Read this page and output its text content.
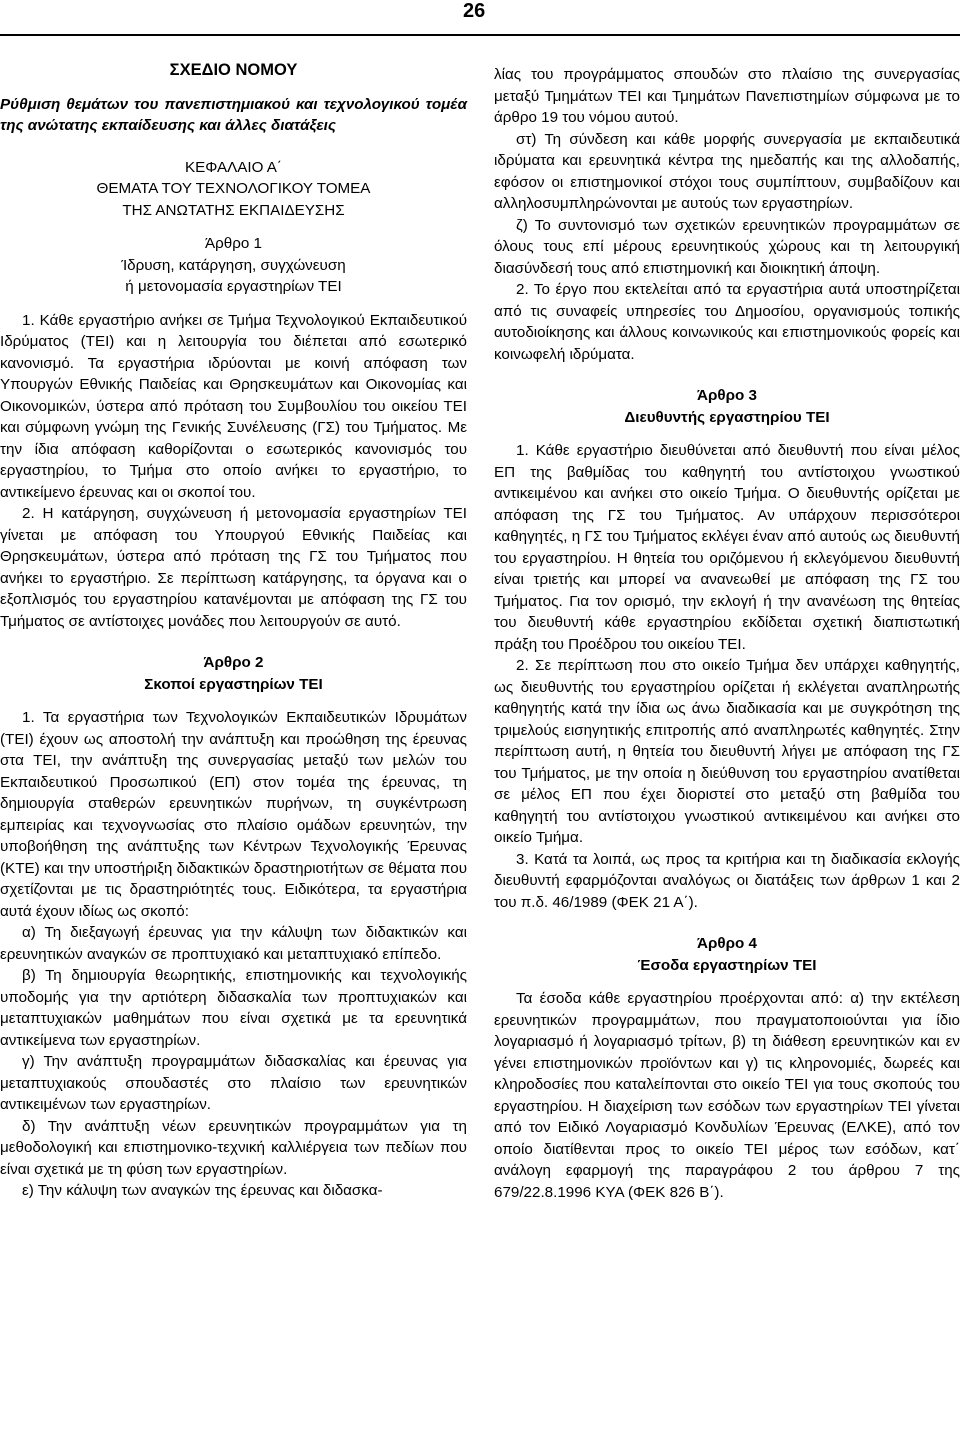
26

ΣΧΕΔΙΟ ΝΟΜΟΥ

Ρύθμιση θεμάτων του πανεπιστημιακού και τεχνολογικού τομέα της ανώτατης εκπαίδευσης και άλλες διατάξεις

ΚΕΦΑΛΑΙΟ Α΄

ΘΕΜΑΤΑ ΤΟΥ ΤΕΧΝΟΛΟΓΙΚΟΥ ΤΟΜΕΑ

ΤΗΣ ΑΝΩΤΑΤΗΣ ΕΚΠΑΙΔΕΥΣΗΣ

Άρθρο 1

Ίδρυση, κατάργηση, συγχώνευση

ή μετονομασία εργαστηρίων ΤΕΙ

1. Κάθε εργαστήριο ανήκει σε Τμήμα Τεχνολογικού Εκπαιδευτικού Ιδρύματος (ΤΕΙ) και η λειτουργία του διέπεται από εσωτερικό κανονισμό. Τα εργαστήρια ιδρύονται με κοινή απόφαση των Υπουργών Εθνικής Παιδείας και Θρησκευμάτων και Οικονομίας και Οικονομικών, ύστερα από πρόταση του Συμβουλίου του οικείου ΤΕΙ και σύμφωνη γνώμη της Γενικής Συνέλευσης (ΓΣ) του Τμήματος. Με την ίδια απόφαση καθορίζονται ο εσωτερικός κανονισμός του εργαστηρίου, το Τμήμα στο οποίο ανήκει το εργαστήριο, το αντικείμενο έρευνας και οι σκοποί του.

2. Η κατάργηση, συγχώνευση ή μετονομασία εργαστηρίων ΤΕΙ γίνεται με απόφαση του Υπουργού Εθνικής Παιδείας και Θρησκευμάτων, ύστερα από πρόταση της ΓΣ του Τμήματος που ανήκει το εργαστήριο. Σε περίπτωση κατάργησης, τα όργανα και ο εξοπλισμός του εργαστηρίου κατανέμονται με απόφαση της ΓΣ του Τμήματος σε αντίστοιχες μονάδες που λειτουργούν σε αυτό.

Άρθρο 2

Σκοποί εργαστηρίων ΤΕΙ

1. Τα εργαστήρια των Τεχνολογικών Εκπαιδευτικών Ιδρυμάτων (ΤΕΙ) έχουν ως αποστολή την ανάπτυξη και προώθηση της έρευνας στα ΤΕΙ, την ανάπτυξη της συνεργασίας μεταξύ των μελών του Εκπαιδευτικού Προσωπικού (ΕΠ) στον τομέα της έρευνας, τη δημιουργία σταθερών ερευνητικών πυρήνων, τη συγκέντρωση εμπειρίας και τεχνογνωσίας στο πλαίσιο ομάδων ερευνητών, την υποβοήθηση της ανάπτυξης των Κέντρων Τεχνολογικής Έρευνας (ΚΤΕ) και την υποστήριξη διδακτικών δραστηριοτήτων σε θέματα που σχετίζονται με τις δραστηριότητές τους. Ειδικότερα, τα εργαστήρια αυτά έχουν ιδίως ως σκοπό:

α) Τη διεξαγωγή έρευνας για την κάλυψη των διδακτικών και ερευνητικών αναγκών σε προπτυχιακό και μεταπτυχιακό επίπεδο.

β) Τη δημιουργία θεωρητικής, επιστημονικής και τεχνολογικής υποδομής για την αρτιότερη διδασκαλία των προπτυχιακών και μεταπτυχιακών μαθημάτων που είναι σχετικά με τα ερευνητικά αντικείμενα των εργαστηρίων.

γ) Την ανάπτυξη προγραμμάτων διδασκαλίας και έρευνας για μεταπτυχιακούς σπουδαστές στο πλαίσιο των ερευνητικών αντικειμένων των εργαστηρίων.

δ) Την ανάπτυξη νέων ερευνητικών προγραμμάτων για τη μεθοδολογική και επιστημονικο-τεχνική καλλιέργεια των πεδίων που είναι σχετικά με τη φύση των εργαστηρίων.

ε) Την κάλυψη των αναγκών της έρευνας και διδασκα-

λίας του προγράμματος σπουδών στο πλαίσιο της συνεργασίας μεταξύ Τμημάτων ΤΕΙ και Τμημάτων Πανεπιστημίων σύμφωνα με το άρθρο 19 του νόμου αυτού.

στ) Τη σύνδεση και κάθε μορφής συνεργασία με εκπαιδευτικά ιδρύματα και ερευνητικά κέντρα της ημεδαπής και της αλλοδαπής, εφόσον οι επιστημονικοί στόχοι τους συμπίπτουν, συμβαδίζουν και αλληλοσυμπληρώνονται με αυτούς των εργαστηρίων.

ζ) Το συντονισμό των σχετικών ερευνητικών προγραμμάτων σε όλους τους επί μέρους ερευνητικούς χώρους και τη λειτουργική διασύνδεσή τους από επιστημονική και διοικητική άποψη.

2. Το έργο που εκτελείται από τα εργαστήρια αυτά υποστηρίζεται από τις συναφείς υπηρεσίες του Δημοσίου, οργανισμούς τοπικής αυτοδιοίκησης και άλλους κοινωνικούς και επιστημονικούς φορείς και κοινωφελή ιδρύματα.

Άρθρο 3

Διευθυντής εργαστηρίου ΤΕΙ

1. Κάθε εργαστήριο διευθύνεται από διευθυντή που είναι μέλος ΕΠ της βαθμίδας του καθηγητή του αντίστοιχου γνωστικού αντικειμένου και ανήκει στο οικείο Τμήμα. Ο διευθυντής ορίζεται με απόφαση της ΓΣ του Τμήματος. Αν υπάρχουν περισσότεροι καθηγητές, η ΓΣ του Τμήματος εκλέγει έναν από αυτούς ως διευθυντή του εργαστηρίου. Η θητεία του οριζόμενου ή εκλεγόμενου διευθυντή είναι τριετής και μπορεί να ανανεωθεί με απόφαση της ΓΣ του Τμήματος. Για τον ορισμό, την εκλογή ή την ανανέωση της θητείας του διευθυντή κάθε εργαστηρίου εκδίδεται σχετική διαπιστωτική πράξη του Προέδρου του οικείου ΤΕΙ.

2. Σε περίπτωση που στο οικείο Τμήμα δεν υπάρχει καθηγητής, ως διευθυντής του εργαστηρίου ορίζεται ή εκλέγεται αναπληρωτής καθηγητής κατά την ίδια ως άνω διαδικασία και με συγκρότηση της τριμελούς εισηγητικής επιτροπής από αναπληρωτές καθηγητές. Στην περίπτωση αυτή, η θητεία του διευθυντή λήγει με απόφαση της ΓΣ του Τμήματος, με την οποία η διεύθυνση του εργαστηρίου ανατίθεται σε μέλος ΕΠ που έχει διοριστεί στο μεταξύ στη βαθμίδα του καθηγητή του αντίστοιχου γνωστικού αντικειμένου και ανήκει στο οικείο Τμήμα.

3. Κατά τα λοιπά, ως προς τα κριτήρια και τη διαδικασία εκλογής διευθυντή εφαρμόζονται αναλόγως οι διατάξεις των άρθρων 1 και 2 του π.δ. 46/1989 (ΦΕΚ 21 Α΄).

Άρθρο 4

Έσοδα εργαστηρίων ΤΕΙ

Τα έσοδα κάθε εργαστηρίου προέρχονται από: α) την εκτέλεση ερευνητικών προγραμμάτων, που πραγματοποιούνται για ίδιο λογαριασμό ή λογαριασμό τρίτων, β) τη διάθεση ερευνητικών και εν γένει επιστημονικών προϊόντων και γ) τις κληρονομιές, δωρεές και κληροδοσίες που καταλείπονται στο οικείο ΤΕΙ για τους σκοπούς του εργαστηρίου. Η διαχείριση των εσόδων των εργαστηρίων ΤΕΙ γίνεται από τον Ειδικό Λογαριασμό Κονδυλίων Έρευνας (ΕΛΚΕ), από τον οποίο διατίθενται προς το οικείο ΤΕΙ μέρος των εσόδων, κατ΄ ανάλογη εφαρμογή της παραγράφου 2 του άρθρου 7 της 679/22.8.1996 ΚΥΑ (ΦΕΚ 826 Β΄).
